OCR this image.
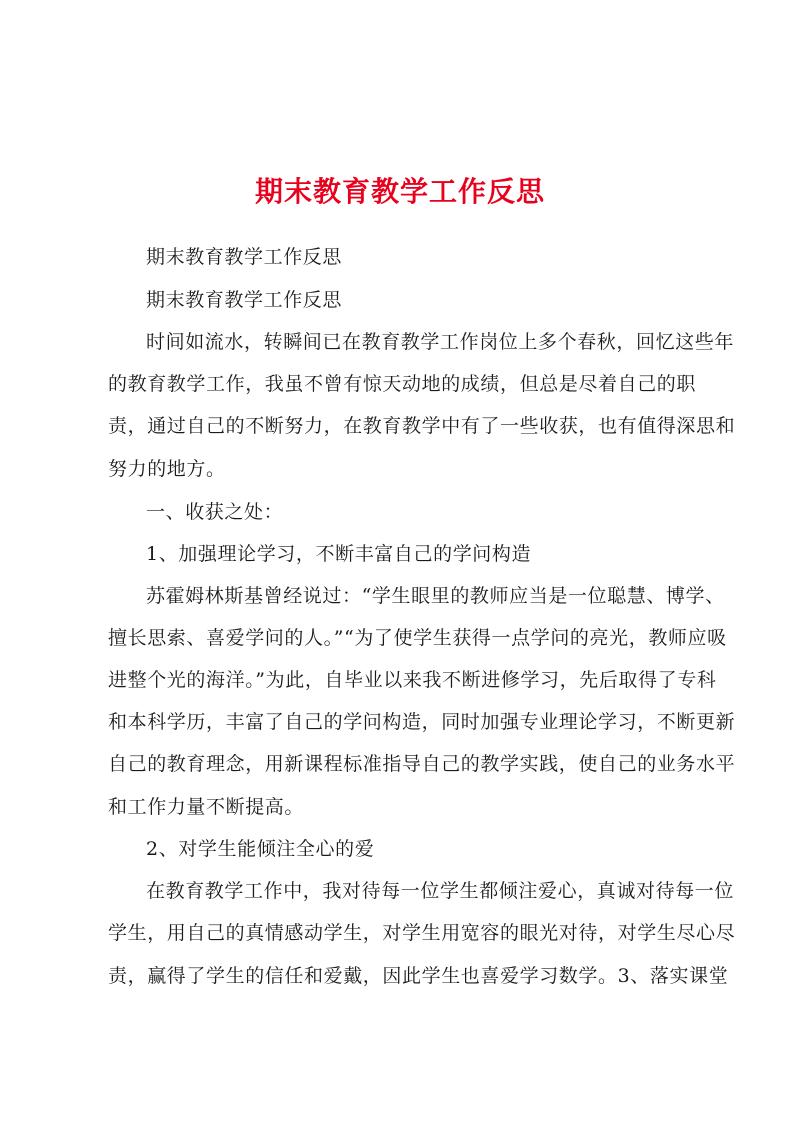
期末教育教学工作反思
期末教育教学工作反思
期末教育教学工作反思
时间如流水，转瞬间已在教育教学工作岗位上多个春秋，回忆这些年
的教育教学工作，我虽不曾有惊天动地的成绩，但总是尽着自己的职
责，通过自己的不断努力，在教育教学中有了一些收获，也有值得深思和
努力的地方。
一、收获之处：
1、加强理论学习，不断丰富自己的学问构造
苏霍姆林斯基曾经说过：“学生眼里的教师应当是一位聪慧、博学、
擅长思索、喜爱学问的人。”“为了使学生获得一点学问的亮光，教师应吸
进整个光的海洋。”为此，自毕业以来我不断进修学习，先后取得了专科
和本科学历，丰富了自己的学问构造，同时加强专业理论学习，不断更新
自己的教育理念，用新课程标准指导自己的教学实践，使自己的业务水平
和工作力量不断提高。
2、对学生能倾注全心的爱
在教育教学工作中，我对待每一位学生都倾注爱心，真诚对待每一位
学生，用自己的真情感动学生，对学生用宽容的眼光对待，对学生尽心尽
责，赢得了学生的信任和爱戴，因此学生也喜爱学习数学。3、落实课堂
